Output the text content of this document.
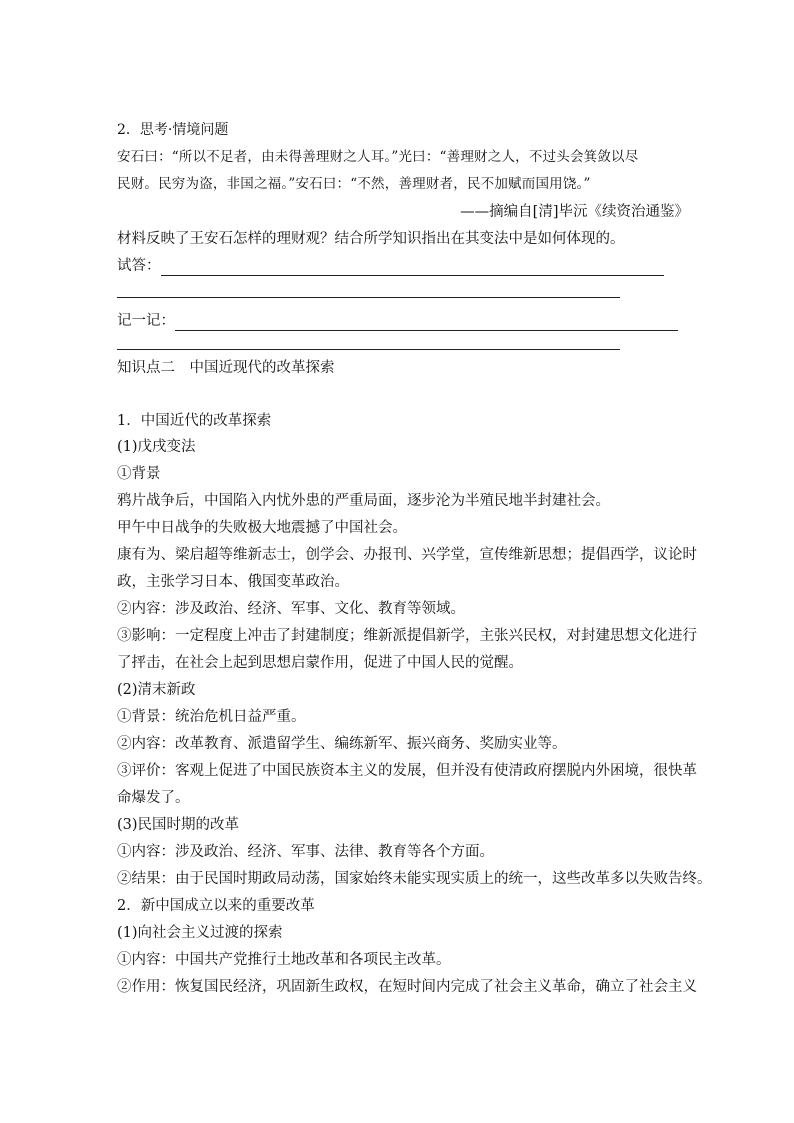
2．思考·情境问题
安石曰：“所以不足者，由未得善理财之人耳。”光曰：“善理财之人，不过头会箕敛以尽
民财。民穷为盗，非国之福。”安石曰：“不然，善理财者，民不加赋而国用饶。”
——摘编自[清]毕沅《续资治通鉴》
材料反映了王安石怎样的理财观？结合所学知识指出在其变法中是如何体现的。
试答：
记一记：
知识点二　中国近现代的改革探索
1．中国近代的改革探索
(1)戊戌变法
①背景
鸦片战争后，中国陷入内忧外患的严重局面，逐步沦为半殖民地半封建社会。
甲午中日战争的失败极大地震撼了中国社会。
康有为、梁启超等维新志士，创学会、办报刊、兴学堂，宣传维新思想；提倡西学，议论时
政，主张学习日本、俄国变革政治。
②内容：涉及政治、经济、军事、文化、教育等领域。
③影响：一定程度上冲击了封建制度；维新派提倡新学，主张兴民权，对封建思想文化进行
了抨击，在社会上起到思想启蒙作用，促进了中国人民的觉醒。
(2)清末新政
①背景：统治危机日益严重。
②内容：改革教育、派遣留学生、编练新军、振兴商务、奖励实业等。
③评价：客观上促进了中国民族资本主义的发展，但并没有使清政府摆脱内外困境，很快革
命爆发了。
(3)民国时期的改革
①内容：涉及政治、经济、军事、法律、教育等各个方面。
②结果：由于民国时期政局动荡，国家始终未能实现实质上的统一，这些改革多以失败告终。
2．新中国成立以来的重要改革
(1)向社会主义过渡的探索
①内容：中国共产党推行土地改革和各项民主改革。
②作用：恢复国民经济，巩固新生政权，在短时间内完成了社会主义革命，确立了社会主义
